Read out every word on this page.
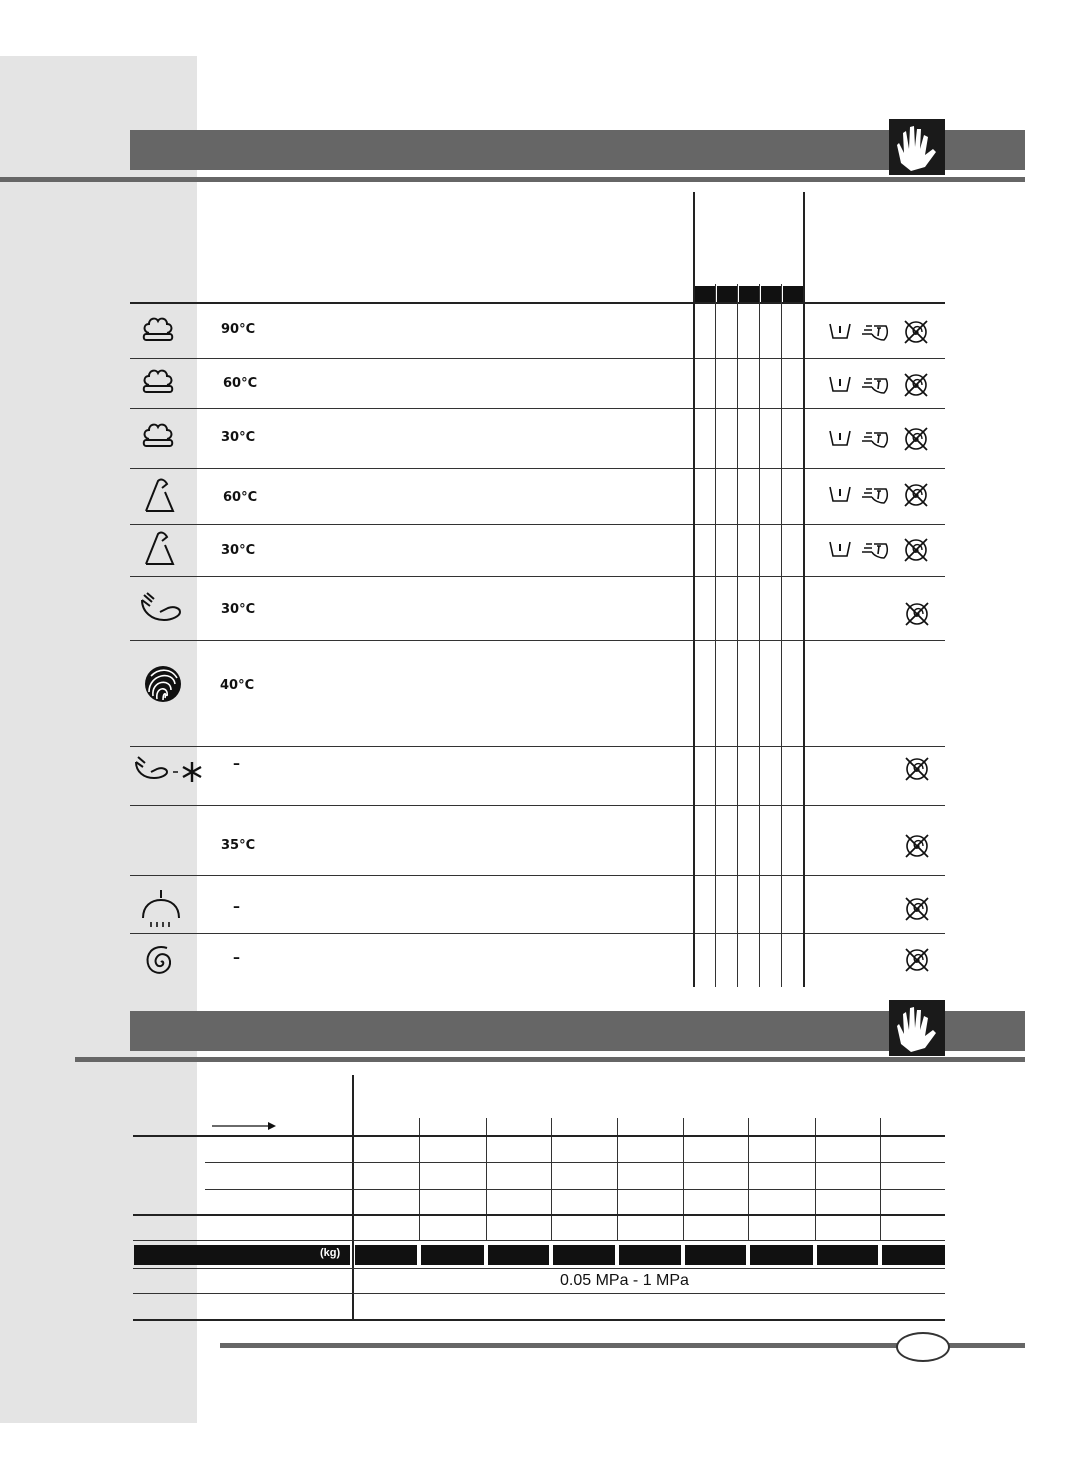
90°C
60°C
30°C
60°C
30°C
30°C
40°C
–
35°C
–
–
(kg)
0.05 MPa - 1 MPa
